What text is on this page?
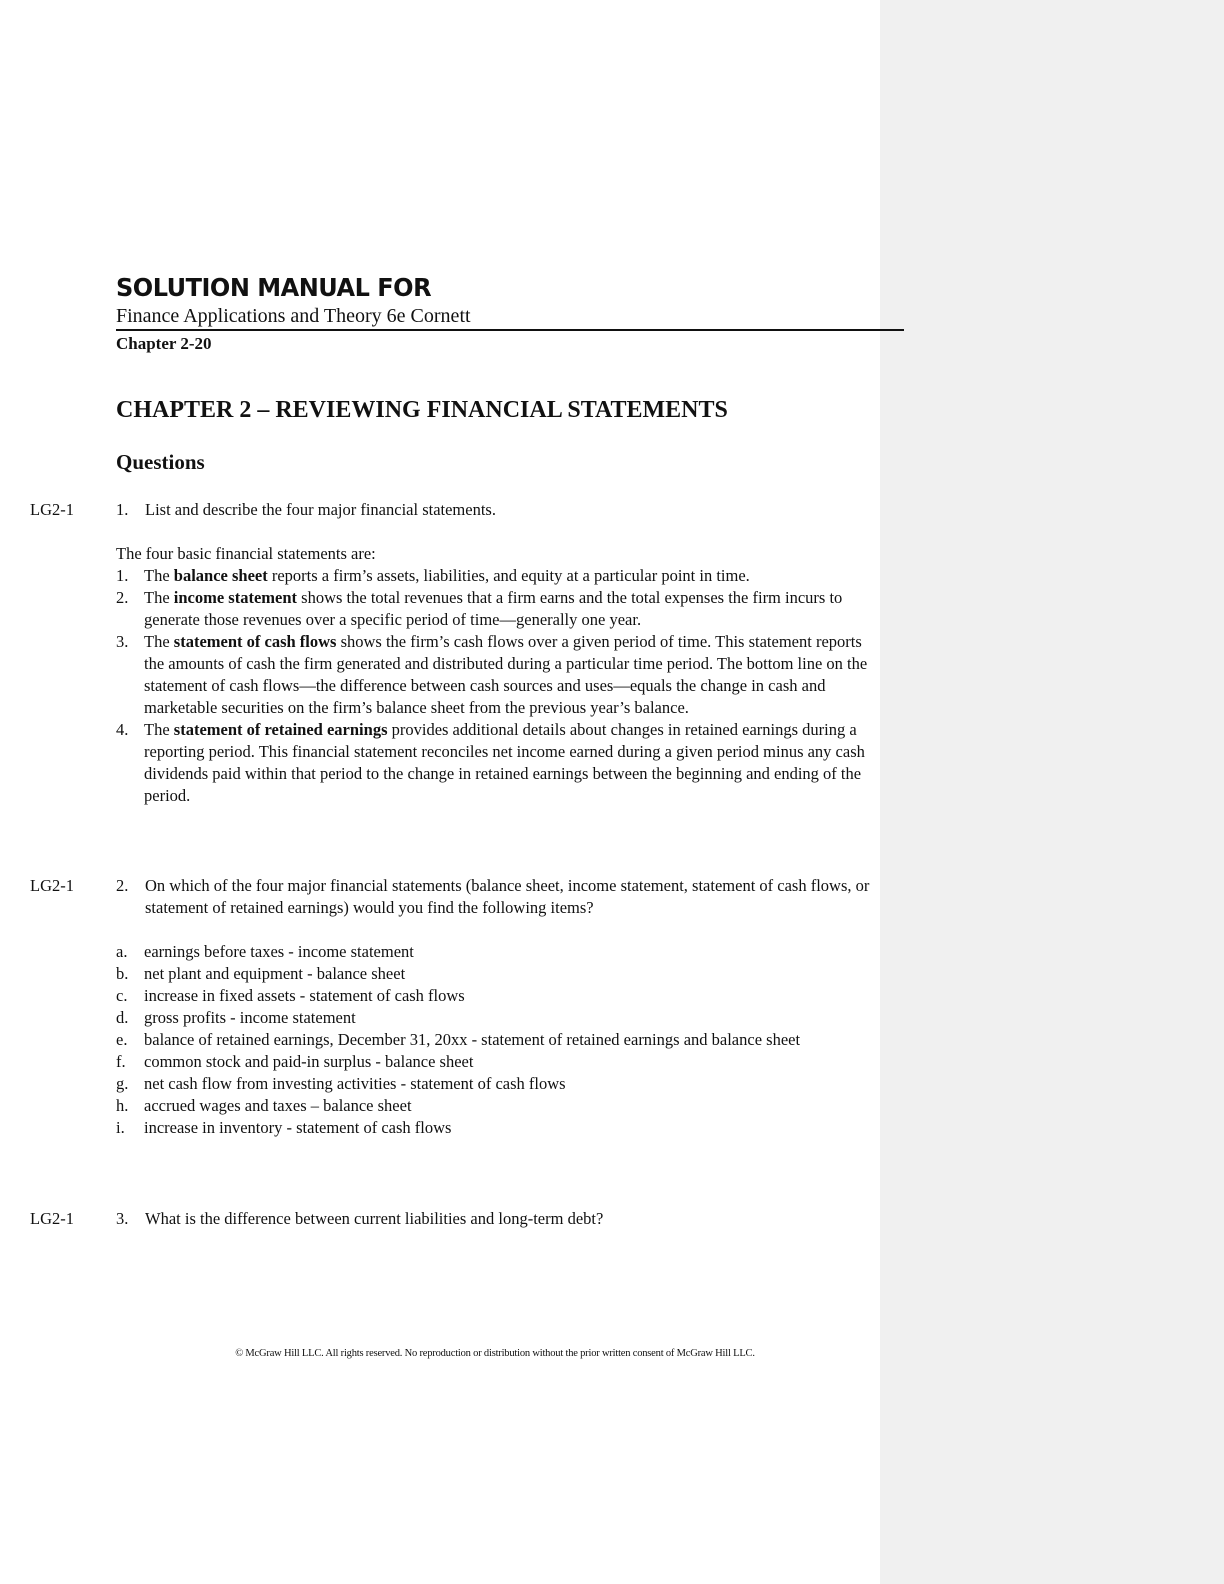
SOLUTION MANUAL FOR
Finance Applications and Theory 6e Cornett
Chapter 2-20
CHAPTER 2 – REVIEWING FINANCIAL STATEMENTS
Questions
LG2-1	1. List and describe the four major financial statements.

The four basic financial statements are:

1. The balance sheet reports a firm’s assets, liabilities, and equity at a particular point in time.
2. The income statement shows the total revenues that a firm earns and the total expenses the firm incurs to generate those revenues over a specific period of time—generally one year.
3. The statement of cash flows shows the firm’s cash flows over a given period of time. This statement reports the amounts of cash the firm generated and distributed during a particular time period. The bottom line on the statement of cash flows—the difference between cash sources and uses—equals the change in cash and marketable securities on the firm’s balance sheet from the previous year’s balance.
4. The statement of retained earnings provides additional details about changes in retained earnings during a reporting period. This financial statement reconciles net income earned during a given period minus any cash dividends paid within that period to the change in retained earnings between the beginning and ending of the period.
LG2-1	2. On which of the four major financial statements (balance sheet, income statement, statement of cash flows, or statement of retained earnings) would you find the following items?
a. earnings before taxes - income statement
b. net plant and equipment - balance sheet
c. increase in fixed assets - statement of cash flows
d. gross profits - income statement
e. balance of retained earnings, December 31, 20xx - statement of retained earnings and balance sheet
f. common stock and paid-in surplus - balance sheet
g. net cash flow from investing activities - statement of cash flows
h. accrued wages and taxes – balance sheet
i. increase in inventory - statement of cash flows
LG2-1	3. What is the difference between current liabilities and long-term debt?
© McGraw Hill LLC. All rights reserved. No reproduction or distribution without the prior written consent of McGraw Hill LLC.
